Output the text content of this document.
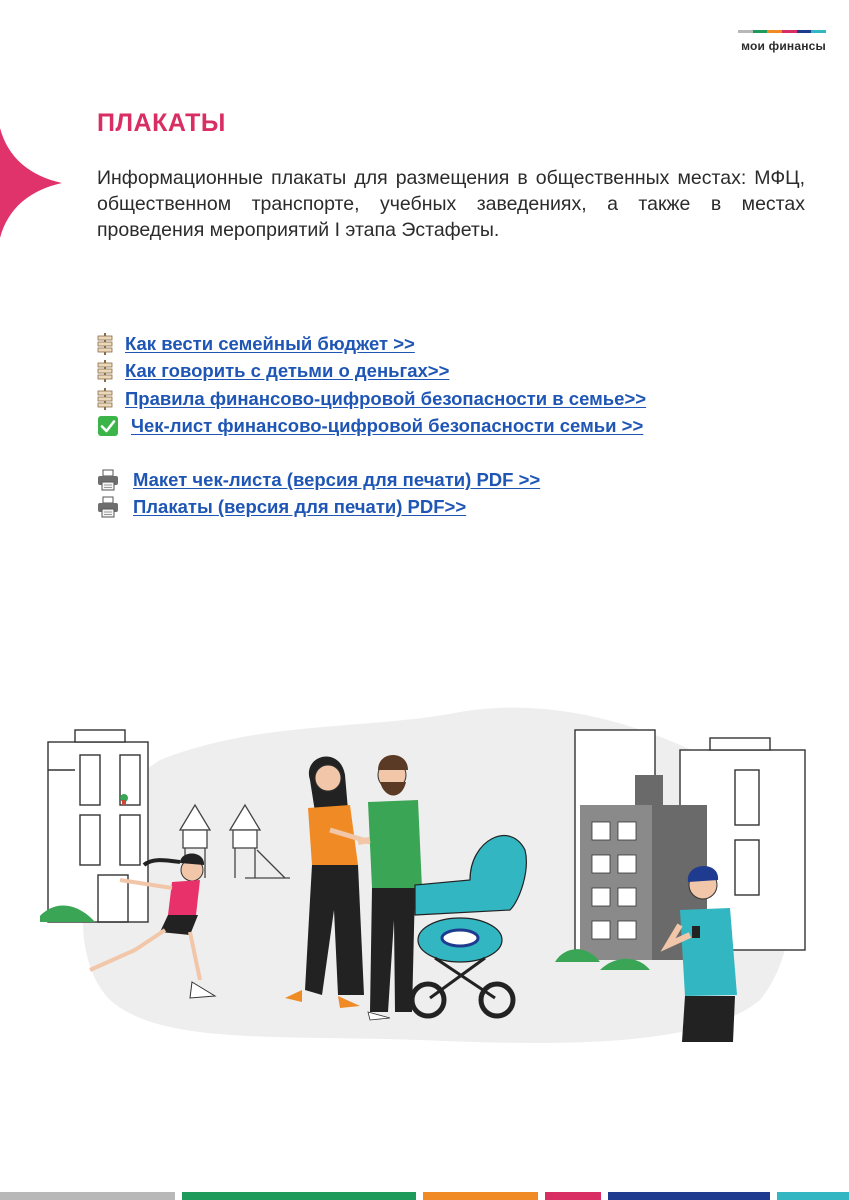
мои финансы
ПЛАКАТЫ
Информационные плакаты для размещения в общественных местах: МФЦ, общественном транспорте, учебных заведениях, а также в местах проведения мероприятий I этапа Эстафеты.
Как вести семейный бюджет >>
Как говорить с детьми о деньгах>>
Правила финансово-цифровой безопасности в семье>>
Чек-лист финансово-цифровой безопасности семьи >>
Макет чек-листа (версия для печати) PDF >>
Плакаты (версия для печати) PDF>>
